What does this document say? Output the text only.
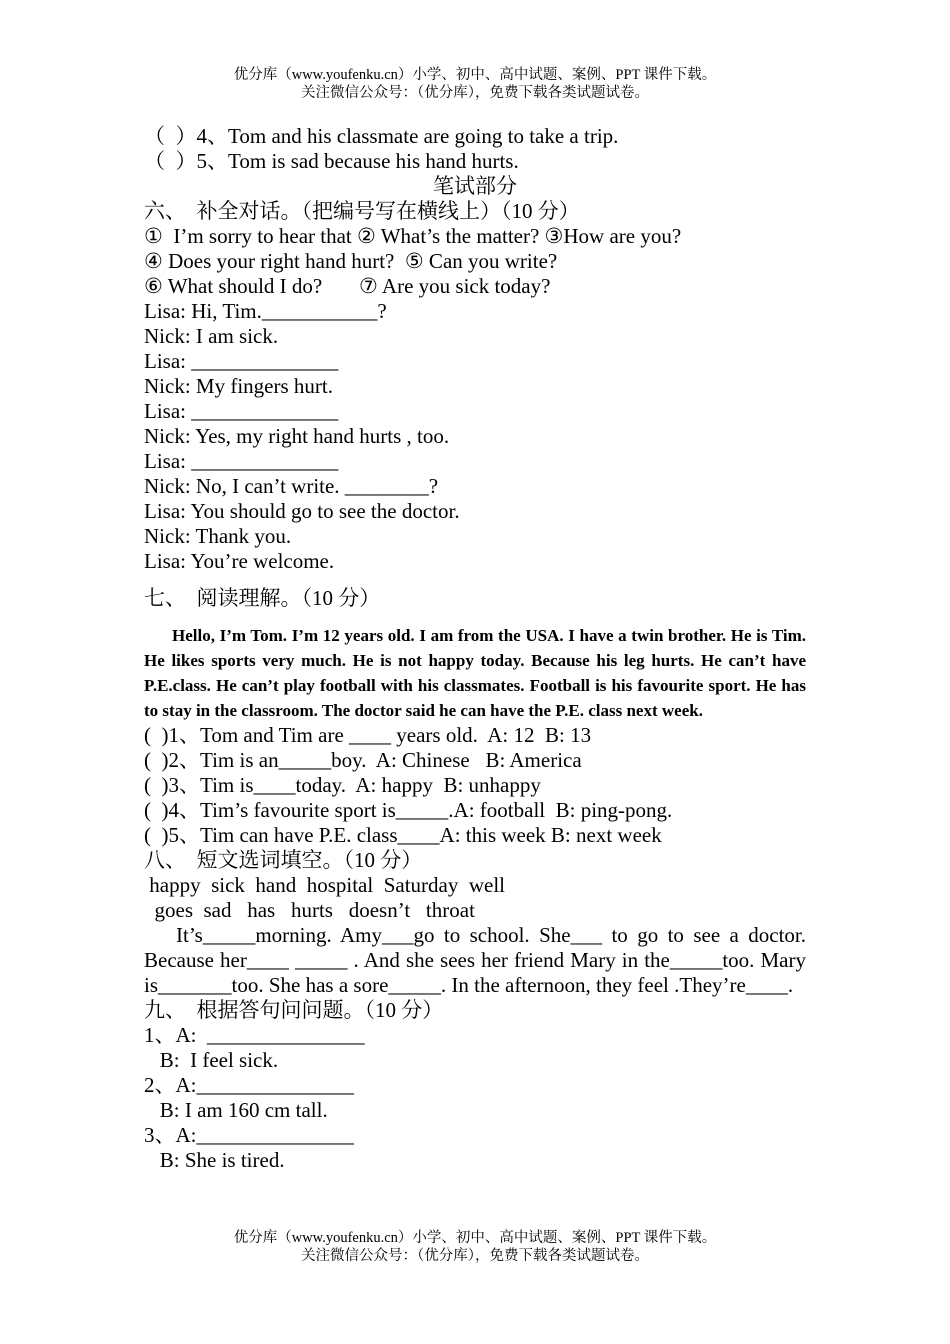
优分库（www.youfenku.cn）小学、初中、高中试题、案例、PPT 课件下载。
关注微信公众号：（优分库），免费下载各类试题试卷。
（  ）4、Tom and his classmate are going to take a trip.
（  ）5、Tom is sad because his hand hurts.
笔试部分
六、  补全对话。（把编号写在横线上）（10 分）
①  I’m sorry to hear that ② What’s the matter? ③How are you?
④ Does your right hand hurt?  ⑤ Can you write?
⑥ What should I do?       ⑦ Are you sick today?
Lisa: Hi, Tim.___________?
Nick: I am sick.
Lisa: ______________
Nick: My fingers hurt.
Lisa: ______________
Nick: Yes, my right hand hurts , too.
Lisa: ______________
Nick: No, I can’t write. ________?
Lisa: You should go to see the doctor.
Nick: Thank you.
Lisa: You’re welcome.
七、  阅读理解。（10 分）
Hello, I’m Tom. I’m 12 years old. I am from the USA. I have a twin brother. He is Tim. He likes sports very much. He is not happy today. Because his leg hurts. He can’t have P.E.class. He can’t play football with his classmates. Football is his favourite sport. He has to stay in the classroom. The doctor said he can have the P.E. class next week.
(  )1、Tom and Tim are ____ years old.  A: 12  B: 13
(  )2、Tim is an_____boy.  A: Chinese   B: America
(  )3、Tim is____today.  A: happy  B: unhappy
(  )4、Tim’s favourite sport is_____.A: football  B: ping-pong.
(  )5、Tim can have P.E. class____A: this week B: next week
八、  短文选词填空。（10 分）
happy  sick  hand  hospital  Saturday  well
goes  sad   has   hurts   doesn’t   throat
It’s_____morning. Amy___go to school. She___ to go to see a doctor. Because her____ _____ . And she sees her friend Mary in the_____too. Mary is_______too. She has a sore_____. In the afternoon, they feel .They’re____.
九、  根据答句问问题。（10 分）
1、A:  _______________
B:  I feel sick.
2、A:_______________
B: I am 160 cm tall.
3、A:_______________
B: She is tired.
优分库（www.youfenku.cn）小学、初中、高中试题、案例、PPT 课件下载。
关注微信公众号：（优分库），免费下载各类试题试卷。
